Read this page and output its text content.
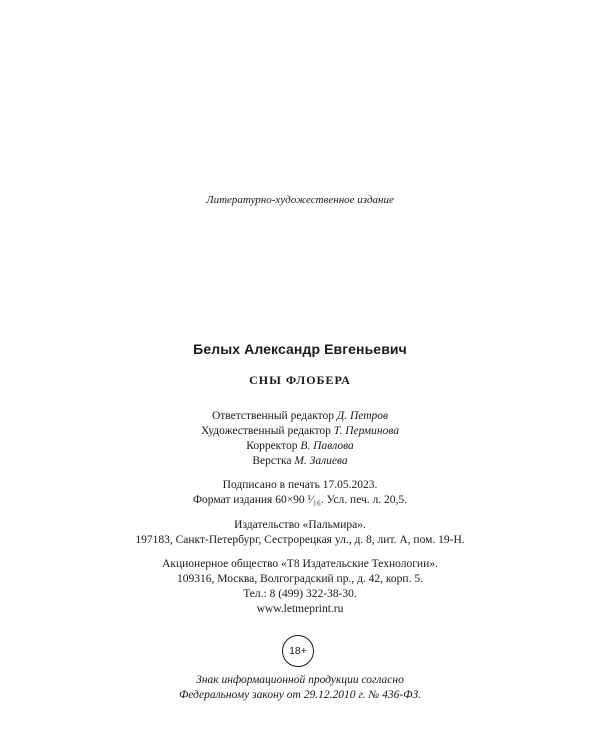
Литературно-художественное издание
Белых Александр Евгеньевич
СНЫ ФЛОБЕРА
Ответственный редактор Д. Петров
Художественный редактор Т. Перминова
Корректор В. Павлова
Верстка М. Залиева
Подписано в печать 17.05.2023.
Формат издания 60×90 ¹⁄₁₆. Усл. печ. л. 20,5.
Издательство «Пальмира».
197183, Санкт-Петербург, Сестрорецкая ул., д. 8, лит. А, пом. 19-Н.
Акционерное общество «Т8 Издательские Технологии».
109316, Москва, Волгоградский пр., д. 42, корп. 5.
Тел.: 8 (499) 322-38-30.
www.letmeprint.ru
18+
Знак информационной продукции согласно
Федеральному закону от 29.12.2010 г. № 436-ФЗ.
